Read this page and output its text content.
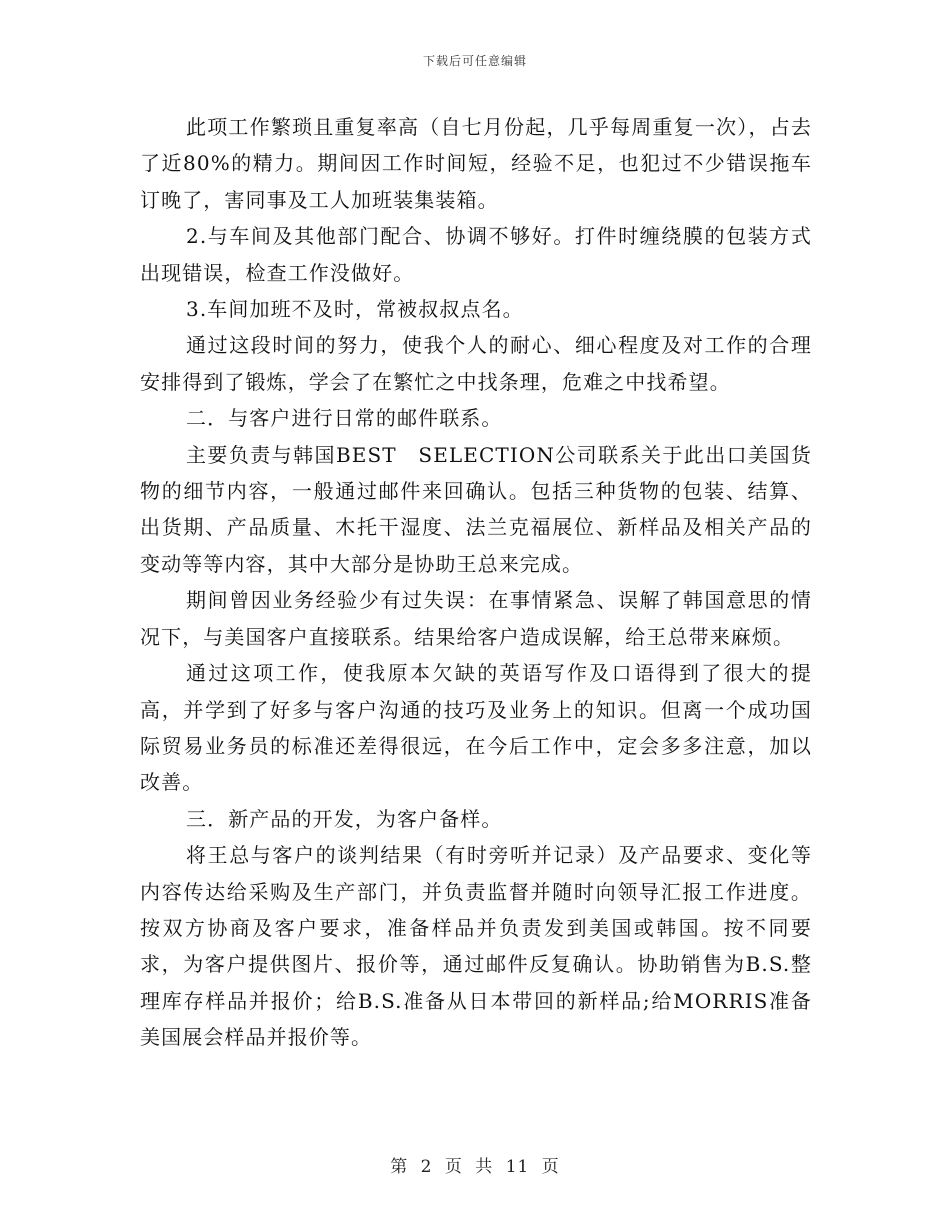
下载后可任意编辑

此项工作繁琐且重复率高（自七月份起，几乎每周重复一次），占去了近80%的精力。期间因工作时间短，经验不足，也犯过不少错误拖车订晚了，害同事及工人加班装集装箱。

2.与车间及其他部门配合、协调不够好。打件时缠绕膜的包装方式出现错误，检查工作没做好。

3.车间加班不及时，常被叔叔点名。

通过这段时间的努力，使我个人的耐心、细心程度及对工作的合理安排得到了锻炼，学会了在繁忙之中找条理，危难之中找希望。

二．与客户进行日常的邮件联系。

主要负责与韩国BEST　SELECTION公司联系关于此出口美国货物的细节内容，一般通过邮件来回确认。包括三种货物的包装、结算、出货期、产品质量、木托干湿度、法兰克福展位、新样品及相关产品的变动等等内容，其中大部分是协助王总来完成。

期间曾因业务经验少有过失误：在事情紧急、误解了韩国意思的情况下，与美国客户直接联系。结果给客户造成误解，给王总带来麻烦。

通过这项工作，使我原本欠缺的英语写作及口语得到了很大的提高，并学到了好多与客户沟通的技巧及业务上的知识。但离一个成功国际贸易业务员的标准还差得很远，在今后工作中，定会多多注意，加以改善。

三．新产品的开发，为客户备样。

将王总与客户的谈判结果（有时旁听并记录）及产品要求、变化等内容传达给采购及生产部门，并负责监督并随时向领导汇报工作进度。按双方协商及客户要求，准备样品并负责发到美国或韩国。按不同要求，为客户提供图片、报价等，通过邮件反复确认。协助销售为B.S.整理库存样品并报价；给B.S.准备从日本带回的新样品;给MORRIS准备美国展会样品并报价等。

第 2 页 共 11 页
